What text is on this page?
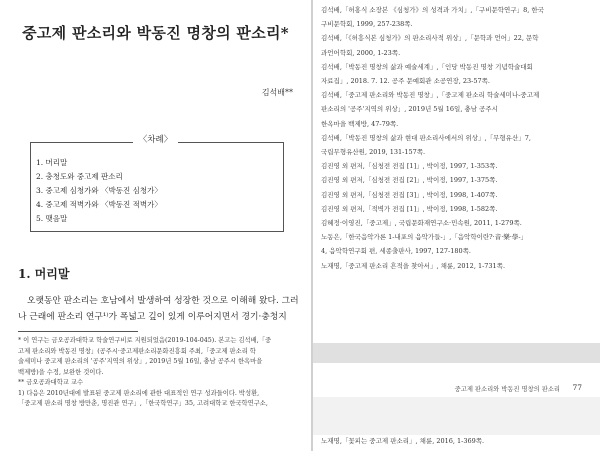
중고제 판소리와 박동진 명창의 판소리*
김석배**
〈차례〉
1. 머리말
2. 충청도와 중고제 판소리
3. 중고제 심청가와 〈박동진 심청가〉
4. 중고제 적벽가와 〈박동진 적벽가〉
5. 맺음말
1. 머리말
오랫동안 판소리는 호남에서 발생하여 성장한 것으로 이해해 왔다. 그러
나 근래에 판소리 연구¹⁾가 폭넓고 깊이 있게 이루어지면서 경기·충청지
* 이 연구는 금오공과대학교 학술연구비로 지원되었음(2019-104-045). 본고는 김석배,「중
고제 판소리와 박동진 명창」(공주시·중고제판소리문화진흥회 주최,「중고제 판소리 학
술세미나 중고제 판소리의 '공주'지역의 위상」, 2019년 5월 16일, 충남 공주시 한옥마을
백제방)을 수정, 보완한 것이다.
** 금오공과대학교 교수
1) 다음은 2010년대에 발표된 중고제 판소리에 관한 대표적인 연구 성과들이다. 박성환,
「중고제 판소리 명창 방만춘, 명진관 연구」,「한국학연구」35, 고려대학교 한국학연구소,
김석배,「허홍식 소장본 《심청가》의 성격과 가치」,「구비문학연구」8, 한국
구비문학회, 1999, 257-238쪽.
김석배,「《허흥식본 심청가》의 판소리사적 위상」,「문학과 언어」22, 문학
과언어학회, 2000, 1-23쪽.
김석배,「박동진 명창의 삶과 예술세계」,「인당 박동진 명창 기념학술대회
자료집」, 2018. 7. 12. 공주 문예회관 소공연장, 23-57쪽.
김석배,「중고제 판소리와 박동진 명창」,「중고제 판소리 학술세미나-중고제
판소리의 '공주'지역의 위상」, 2019년 5월 16일, 충남 공주시
한옥마을 백제방, 47-79쪽.
김석배,「박동진 명창의 삶과 현대 판소리사에서의 위상」,「무형유산」7,
국립무형유산원, 2019, 131-157쪽.
김진영 외 편저,「심청전 전집 [1]」, 박이정, 1997, 1-353쪽.
김진영 외 편저,「심청전 전집 [2]」, 박이정, 1997, 1-375쪽.
김진영 외 편저,「심청전 전집 [3]」, 박이정, 1998, 1-407쪽.
김진영 외 편저,「적벽가 전집 [1]」, 박이정, 1998, 1-582쪽.
김혜정·이영진,「중고제」, 국립문화재연구소·민속원, 2011, 1-279쪽.
노동은,「한국음악가론 1-내포의 음악가들-」,「음악학이란?·音·樂·學-」
4, 음악학연구회 편, 세종출판사, 1997, 127-180쪽.
노재명,「중고제 판소리 흔적을 찾아서」, 채륜, 2012, 1-731쪽.
중고제 판소리와 박동진 명창의 판소리 77
노재명,「꽃피는 중고제 판소리」, 채륜, 2016, 1-369쪽.
